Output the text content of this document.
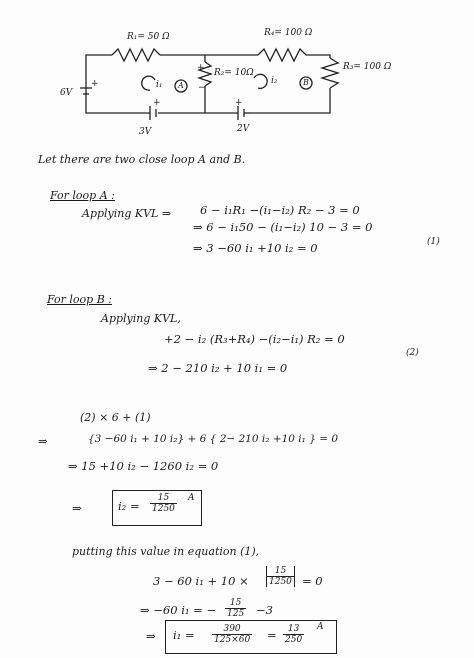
R₁= 50 Ω	R₄= 100 Ω
R₃= 100 Ω
R₂= 10Ω
6V
3V	2V
i₁	i₂
A	B
+
+	+
+
−
Let there are two close loop A and B.
For loop A :
Applying KVL ⇒	6 − i₁R₁ −(i₁−i₂) R₂ − 3 = 0
⇒ 6 − i₁50 − (i₁−i₂) 10 − 3 = 0
⇒ 3 −60 i₁ +10 i₂ = 0	(1)
For loop B :
Applying KVL,
+2 − i₂ (R₃+R₄) −(i₂−i₁) R₂ = 0
⇒ 2 − 210 i₂ + 10 i₁ = 0
(2)
(2) × 6 + (1)
⇒	{3 −60 i₁ + 10 i₂} + 6 { 2− 210 i₂ +10 i₁ } = 0
⇒ 15 +10 i₂ − 1260 i₂ = 0
⇒	$i_2 = \frac{15}{1250}$ A
putting this value in equation (1),
3 − 60 $i_1 + 10 \times \frac{15}{1250} = 0$
⇒ −60 i₁ = − $\frac{15}{125} -3$
⇒ $i_1 = \frac{390}{125\times 60} = \frac{13}{250}$ A
